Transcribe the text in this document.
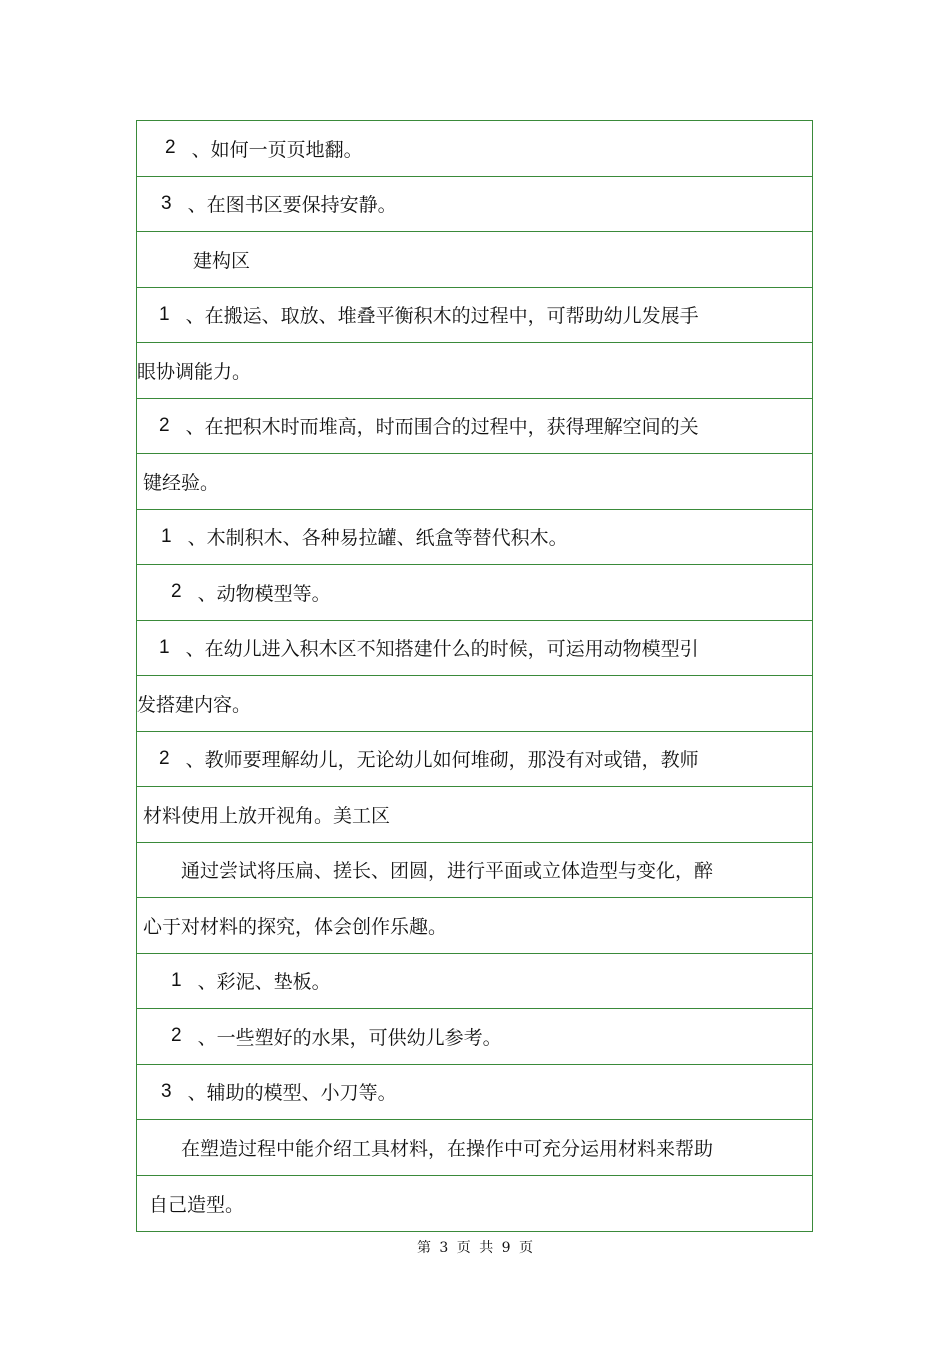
2 、如何一页页地翻。
3 、在图书区要保持安静。
建构区
1 、在搬运、取放、堆叠平衡积木的过程中，可帮助幼儿发展手
眼协调能力。
2 、在把积木时而堆高，时而围合的过程中，获得理解空间的关
键经验。
1 、木制积木、各种易拉罐、纸盒等替代积木。
2 、动物模型等。
1 、在幼儿进入积木区不知搭建什么的时候，可运用动物模型引
发搭建内容。
2 、教师要理解幼儿，无论幼儿如何堆砌，那没有对或错，教师
材料使用上放开视角。美工区
通过尝试将压扁、搓长、团圆，进行平面或立体造型与变化，醉
心于对材料的探究，体会创作乐趣。
1 、彩泥、垫板。
2 、一些塑好的水果，可供幼儿参考。
3 、辅助的模型、小刀等。
在塑造过程中能介绍工具材料，在操作中可充分运用材料来帮助
自己造型。
第 3 页 共 9 页
